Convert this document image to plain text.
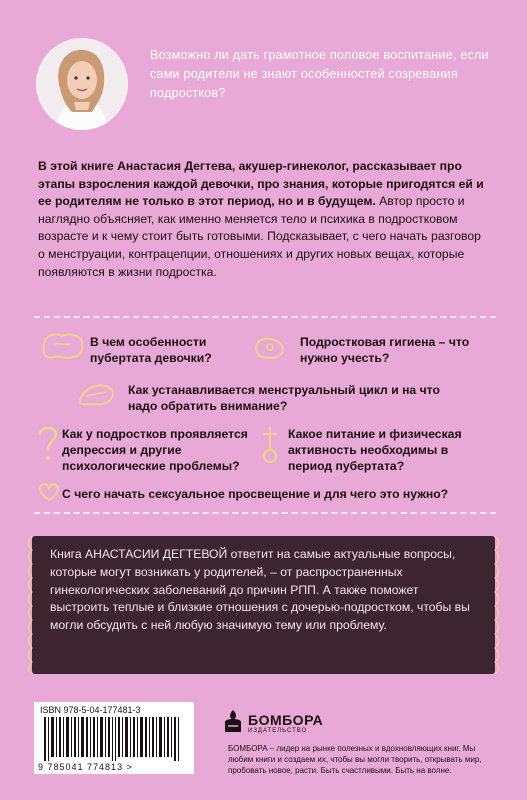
Возможно ли дать грамотное половое воспитание, если сами родители не знают особенностей созревания подростков?
В этой книге Анастасия Дегтева, акушер-гинеколог, рассказывает про этапы взросления каждой девочки, про знания, которые пригодятся ей и ее родителям не только в этот период, но и в будущем. Автор просто и наглядно объясняет, как именно меняется тело и психика в подростковом возрасте и к чему стоит быть готовыми. Подсказывает, с чего начать разговор о менструации, контрацепции, отношениях и других новых вещах, которые появляются в жизни подростка.
В чем особенности пубертата девочки?
Подростковая гигиена – что нужно учесть?
Как устанавливается менструальный цикл и на что надо обратить внимание?
Как у подростков проявляется депрессия и другие психологические проблемы?
Какое питание и физическая активность необходимы в период пубертата?
С чего начать сексуальное просвещение и для чего это нужно?
Книга АНАСТАСИИ ДЕГТЕВОЙ ответит на самые актуальные вопросы, которые могут возникать у родителей, – от распространенных гинекологических заболеваний до причин РПП. А также поможет выстроить теплые и близкие отношения с дочерью-подростком, чтобы вы могли обсудить с ней любую значимую тему или проблему.
ISBN 978-5-04-177481-3
9 785041 774813 >
БОМБОРА
ИЗДАТЕЛЬСТВО
БОМБОРА – лидер на рынке полезных и вдохновляющих книг. Мы любим книги и создаем их, чтобы вы могли творить, открывать мир, пробовать новое, расти. Быть счастливыми. Быть на волне.
